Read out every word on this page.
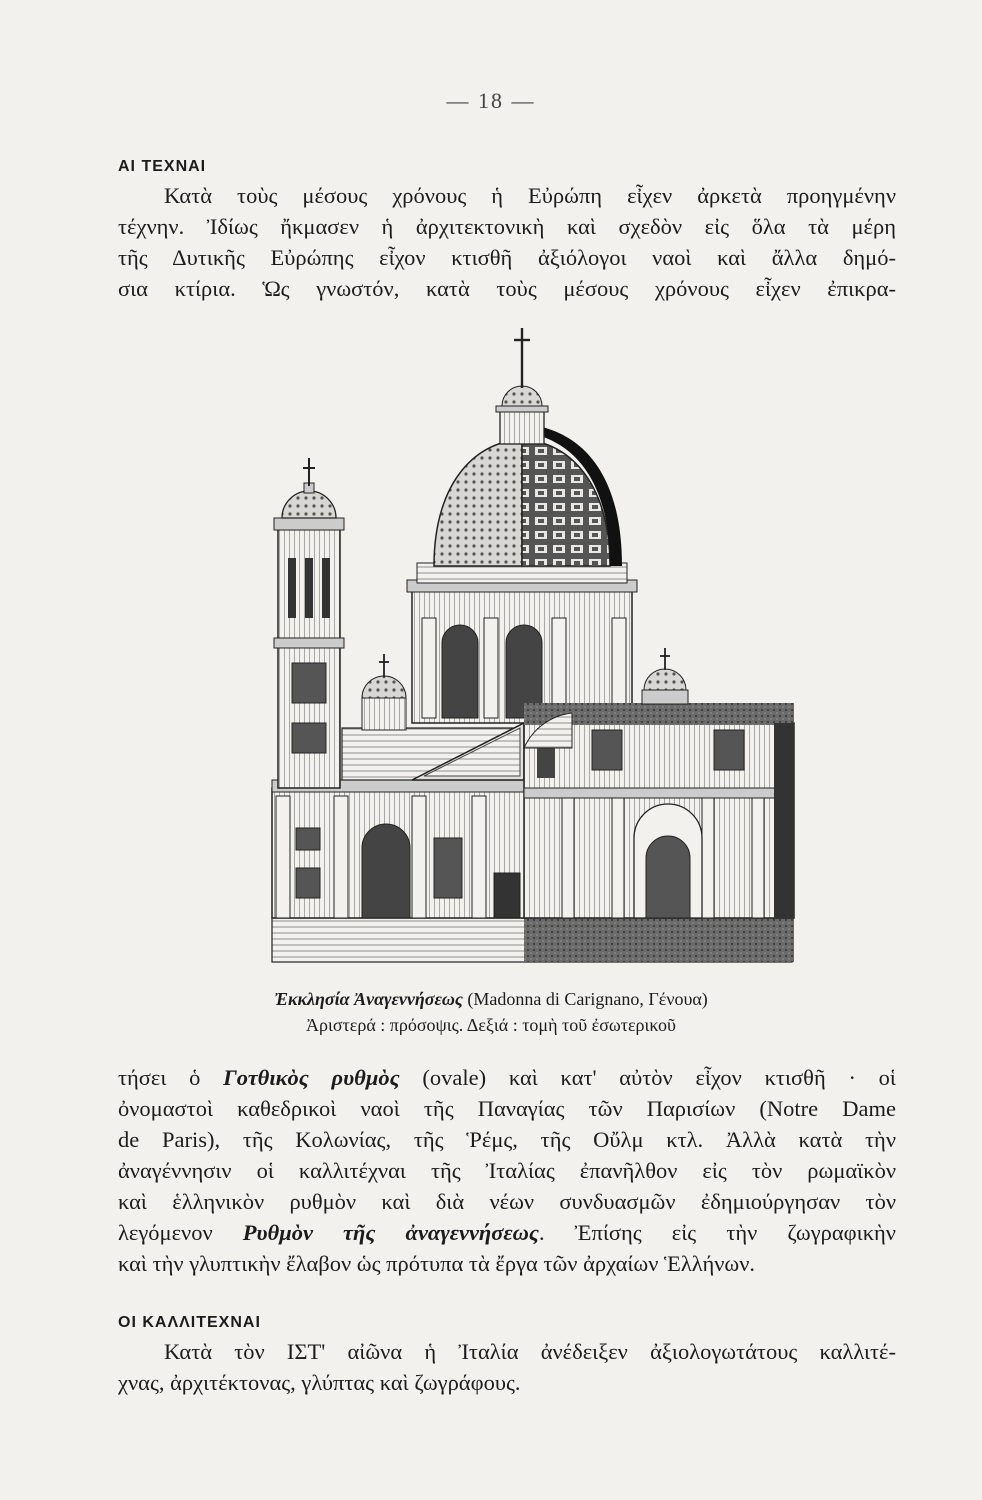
— 18 —
ΑΙ ΤΕΧΝΑΙ
Κατὰ τοὺς μέσους χρόνους ἡ Εὐρώπη εἶχεν ἀρκετὰ προηγμένην
τέχνην. Ἰδίως ἤκμασεν ἡ ἀρχιτεκτονικὴ καὶ σχεδὸν εἰς ὅλα τὰ μέρη
τῆς Δυτικῆς Εὐρώπης εἶχον κτισθῆ ἀξιόλογοι ναοὶ καὶ ἄλλα δημό-
σια κτίρια. Ὡς γνωστόν, κατὰ τοὺς μέσους χρόνους εἶχεν ἐπικρα-
Ἐκκλησία Ἀναγεννήσεως (Madonna di Carignano, Γένουα)
Ἀριστερά : πρόσοψις. Δεξιά : τομὴ τοῦ ἐσωτερικοῦ
τήσει ὁ Γοτθικὸς ρυθμὸς (ovale) καὶ κατ' αὐτὸν εἶχον κτισθῆ · οἱ
ὀνομαστοὶ καθεδρικοὶ ναοὶ τῆς Παναγίας τῶν Παρισίων (Notre Dame
de Paris), τῆς Κολωνίας, τῆς Ῥέμς, τῆς Οὔλμ κτλ. Ἀλλὰ κατὰ τὴν
ἀναγέννησιν οἱ καλλιτέχναι τῆς Ἰταλίας ἐπανῆλθον εἰς τὸν ρωμαϊκὸν
καὶ ἑλληνικὸν ρυθμὸν καὶ διὰ νέων συνδυασμῶν ἐδημιούργησαν τὸν
λεγόμενον Ρυθμὸν τῆς ἀναγεννήσεως. Ἐπίσης εἰς τὴν ζωγραφικὴν
καὶ τὴν γλυπτικὴν ἔλαβον ὡς πρότυπα τὰ ἔργα τῶν ἀρχαίων Ἑλλήνων.
ΟΙ ΚΑΛΛΙΤΕΧΝΑΙ
Κατὰ τὸν ΙΣΤ' αἰῶνα ἡ Ἰταλία ἀνέδειξεν ἀξιολογωτάτους καλλιτέ-
χνας, ἀρχιτέκτονας, γλύπτας καὶ ζωγράφους.
